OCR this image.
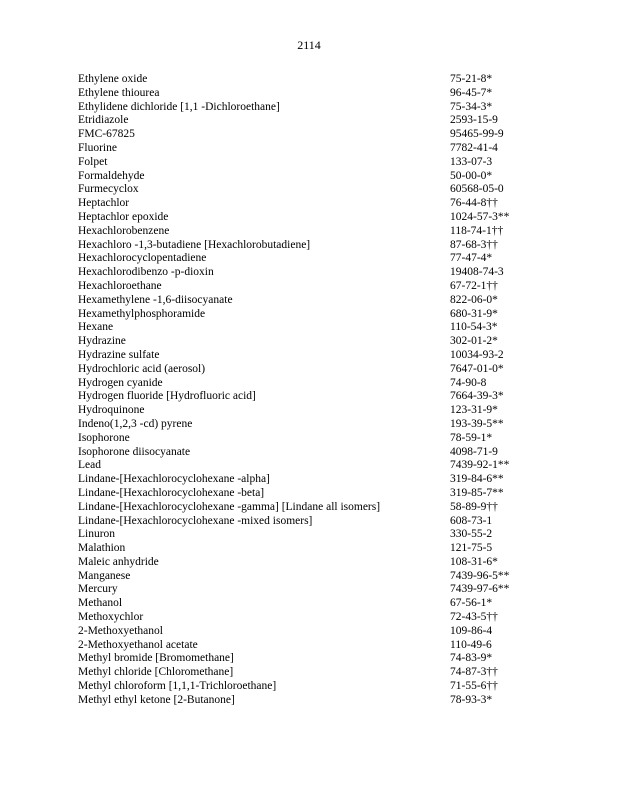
2114
Ethylene oxide	75-21-8*
Ethylene thiourea	96-45-7*
Ethylidene dichloride [1,1 -Dichloroethane]	75-34-3*
Etridiazole	2593-15-9
FMC-67825	95465-99-9
Fluorine	7782-41-4
Folpet	133-07-3
Formaldehyde	50-00-0*
Furmecyclox	60568-05-0
Heptachlor	76-44-8††
Heptachlor epoxide	1024-57-3**
Hexachlorobenzene	118-74-1††
Hexachloro -1,3-butadiene [Hexachlorobutadiene]	87-68-3††
Hexachlorocyclopentadiene	77-47-4*
Hexachlorodibenzo -p-dioxin	19408-74-3
Hexachloroethane	67-72-1††
Hexamethylene -1,6-diisocyanate	822-06-0*
Hexamethylphosphoramide	680-31-9*
Hexane	110-54-3*
Hydrazine	302-01-2*
Hydrazine sulfate	10034-93-2
Hydrochloric acid (aerosol)	7647-01-0*
Hydrogen cyanide	74-90-8
Hydrogen fluoride [Hydrofluoric acid]	7664-39-3*
Hydroquinone	123-31-9*
Indeno(1,2,3 -cd) pyrene	193-39-5**
Isophorone	78-59-1*
Isophorone diisocyanate	4098-71-9
Lead	7439-92-1**
Lindane-[Hexachlorocyclohexane -alpha]	319-84-6**
Lindane-[Hexachlorocyclohexane -beta]	319-85-7**
Lindane-[Hexachlorocyclohexane -gamma] [Lindane all isomers]	58-89-9††
Lindane-[Hexachlorocyclohexane -mixed isomers]	608-73-1
Linuron	330-55-2
Malathion	121-75-5
Maleic anhydride	108-31-6*
Manganese	7439-96-5**
Mercury	7439-97-6**
Methanol	67-56-1*
Methoxychlor	72-43-5††
2-Methoxyethanol	109-86-4
2-Methoxyethanol acetate	110-49-6
Methyl bromide [Bromomethane]	74-83-9*
Methyl chloride [Chloromethane]	74-87-3††
Methyl chloroform [1,1,1-Trichloroethane]	71-55-6††
Methyl ethyl ketone [2-Butanone]	78-93-3*
